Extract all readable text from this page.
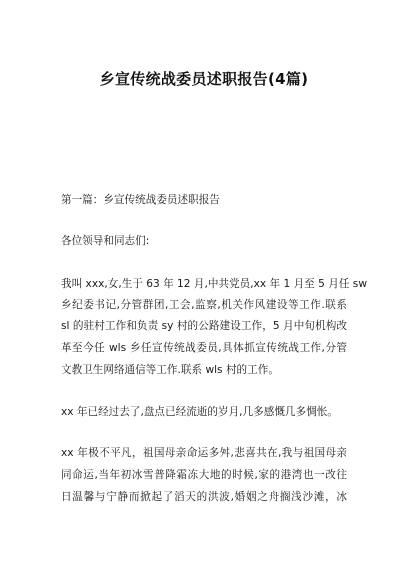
乡宣传统战委员述职报告(4篇)
第一篇：乡宣传统战委员述职报告
各位领导和同志们:
我叫 xxx,女,生于 63 年 12 月,中共党员,xx 年 1 月至 5 月任 sw
乡纪委书记,分管群团,工会,监察,机关作风建设等工作.联系
sl 的驻村工作和负责 sy 村的公路建设工作，5 月中旬机构改
革至今任 wls 乡任宣传统战委员,具体抓宣传统战工作,分管
文教卫生网络通信等工作.联系 wls 村的工作。
xx 年已经过去了,盘点已经流逝的岁月,几多感慨几多惆怅。
xx 年极不平凡，祖国母亲命运多舛,悲喜共在,我与祖国母亲
同命运,当年初冰雪普降霜冻大地的时候,家的港湾也一改往
日温馨与宁静而掀起了滔天的洪波,婚姻之舟搁浅沙滩，冰
